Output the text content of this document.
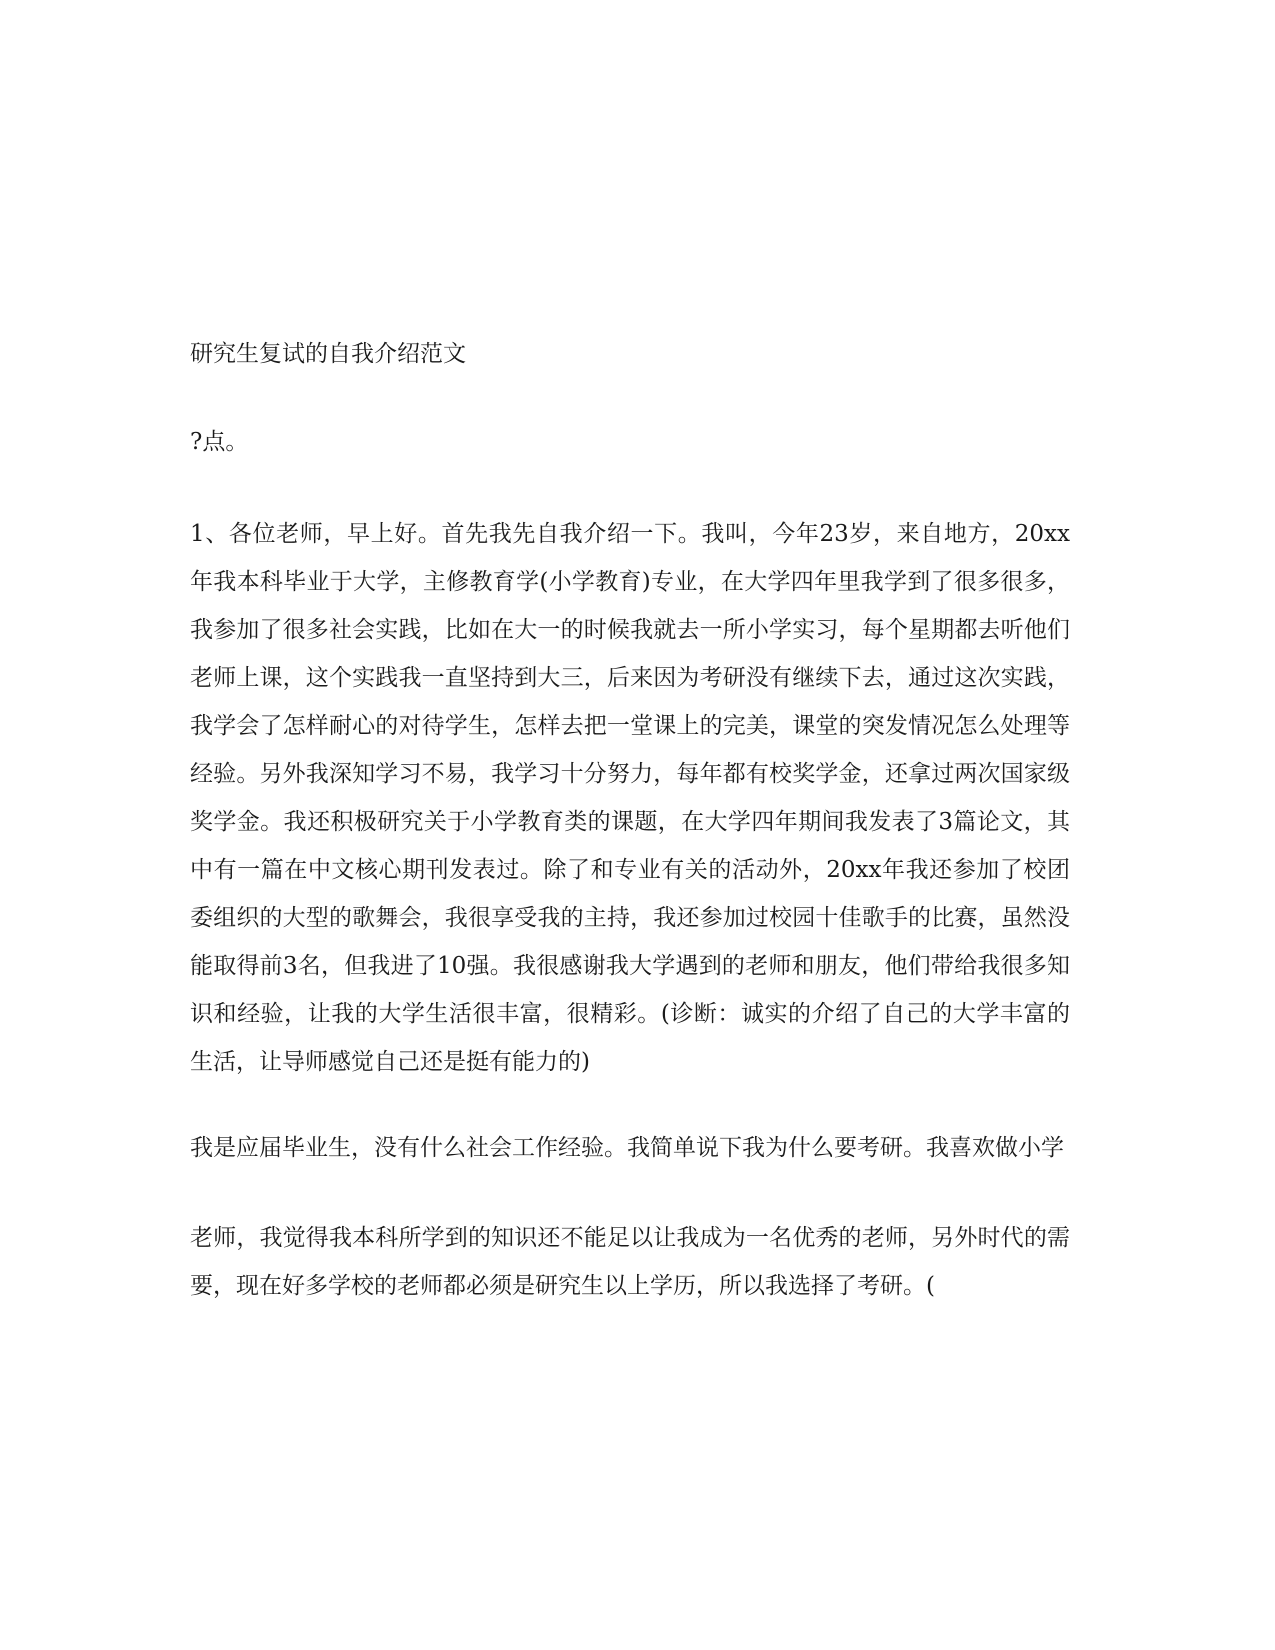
研究生复试的自我介绍范文

?点。

1、各位老师，早上好。首先我先自我介绍一下。我叫，今年23岁，来自地方，20xx年我本科毕业于大学，主修教育学(小学教育)专业，在大学四年里我学到了很多很多，我参加了很多社会实践，比如在大一的时候我就去一所小学实习，每个星期都去听他们老师上课，这个实践我一直坚持到大三，后来因为考研没有继续下去，通过这次实践，我学会了怎样耐心的对待学生，怎样去把一堂课上的完美，课堂的突发情况怎么处理等经验。另外我深知学习不易，我学习十分努力，每年都有校奖学金，还拿过两次国家级奖学金。我还积极研究关于小学教育类的课题，在大学四年期间我发表了3篇论文，其中有一篇在中文核心期刊发表过。除了和专业有关的活动外，20xx年我还参加了校团委组织的大型的歌舞会，我很享受我的主持，我还参加过校园十佳歌手的比赛，虽然没能取得前3名，但我进了10强。我很感谢我大学遇到的老师和朋友，他们带给我很多知识和经验，让我的大学生活很丰富，很精彩。(诊断：诚实的介绍了自己的大学丰富的生活，让导师感觉自己还是挺有能力的)

我是应届毕业生，没有什么社会工作经验。我简单说下我为什么要考研。我喜欢做小学

老师，我觉得我本科所学到的知识还不能足以让我成为一名优秀的老师，另外时代的需要，现在好多学校的老师都必须是研究生以上学历，所以我选择了考研。(
